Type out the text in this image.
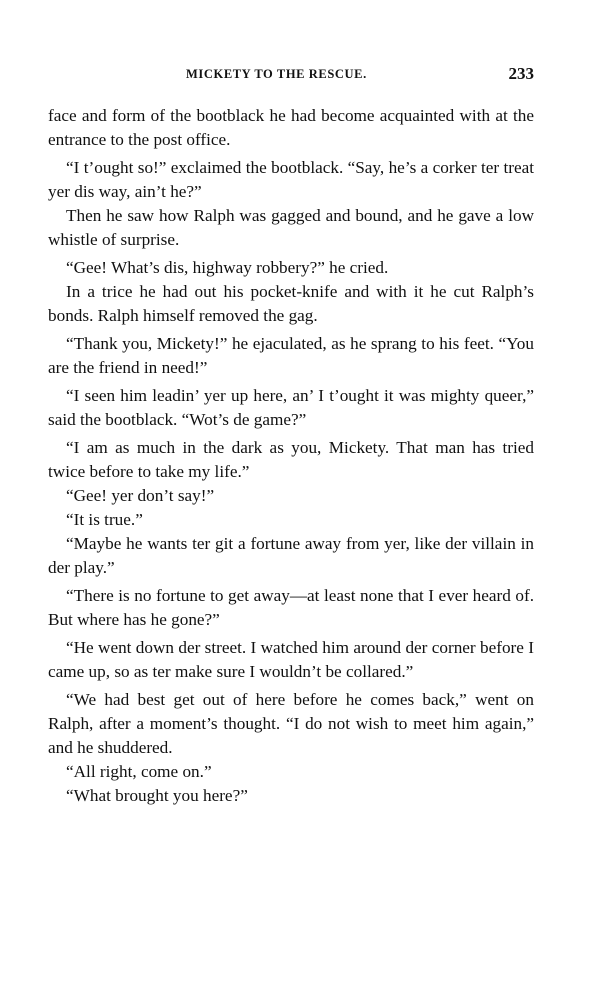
MICKETY TO THE RESCUE.	233

face and form of the bootblack he had become acquainted with at the entrance to the post office.

“I t’ought so!” exclaimed the bootblack. “Say, he’s a corker ter treat yer dis way, ain’t he?”

Then he saw how Ralph was gagged and bound, and he gave a low whistle of surprise.

“Gee! What’s dis, highway robbery?” he cried.

In a trice he had out his pocket-knife and with it he cut Ralph’s bonds. Ralph himself removed the gag.

“Thank you, Mickety!” he ejaculated, as he sprang to his feet. “You are the friend in need!”

“I seen him leadin’ yer up here, an’ I t’ought it was mighty queer,” said the bootblack. “Wot’s de game?”

“I am as much in the dark as you, Mickety. That man has tried twice before to take my life.”

“Gee! yer don’t say!”

“It is true.”

“Maybe he wants ter git a fortune away from yer, like der villain in der play.”

“There is no fortune to get away—at least none that I ever heard of. But where has he gone?”

“He went down der street. I watched him around der corner before I came up, so as ter make sure I wouldn’t be collared.”

“We had best get out of here before he comes back,” went on Ralph, after a moment’s thought. “I do not wish to meet him again,” and he shuddered.

“All right, come on.”

“What brought you here?”
